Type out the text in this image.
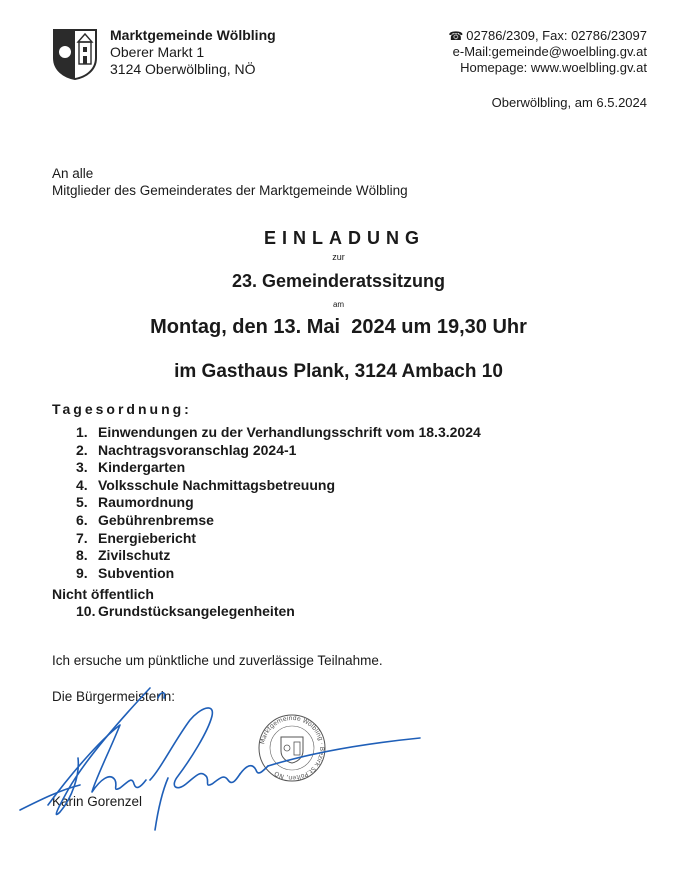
Marktgemeinde Wölbling
Oberer Markt 1
3124 Oberwölbling, NÖ
☎ 02786/2309, Fax: 02786/23097
e-Mail:gemeinde@woelbling.gv.at
Homepage: www.woelbling.gv.at
Oberwölbling, am 6.5.2024
An alle
Mitglieder des Gemeinderates der Marktgemeinde Wölbling
EINLADUNG
zur
23. Gemeinderatssitzung
am
Montag, den 13. Mai  2024 um 19,30 Uhr
im Gasthaus Plank, 3124 Ambach 10
Tagesordnung:
1. Einwendungen zu der Verhandlungsschrift vom 18.3.2024
2. Nachtragsvoranschlag 2024-1
3. Kindergarten
4. Volksschule Nachmittagsbetreuung
5. Raumordnung
6. Gebührenbremse
7. Energiebericht
8. Zivilschutz
9. Subvention
Nicht öffentlich
10. Grundstücksangelegenheiten
Ich ersuche um pünktliche und zuverlässige Teilnahme.
Die Bürgermeisterin:
Karin Gorenzel
Marktgemeinde Wölbling · Bezirk St.Pölten, NÖ
